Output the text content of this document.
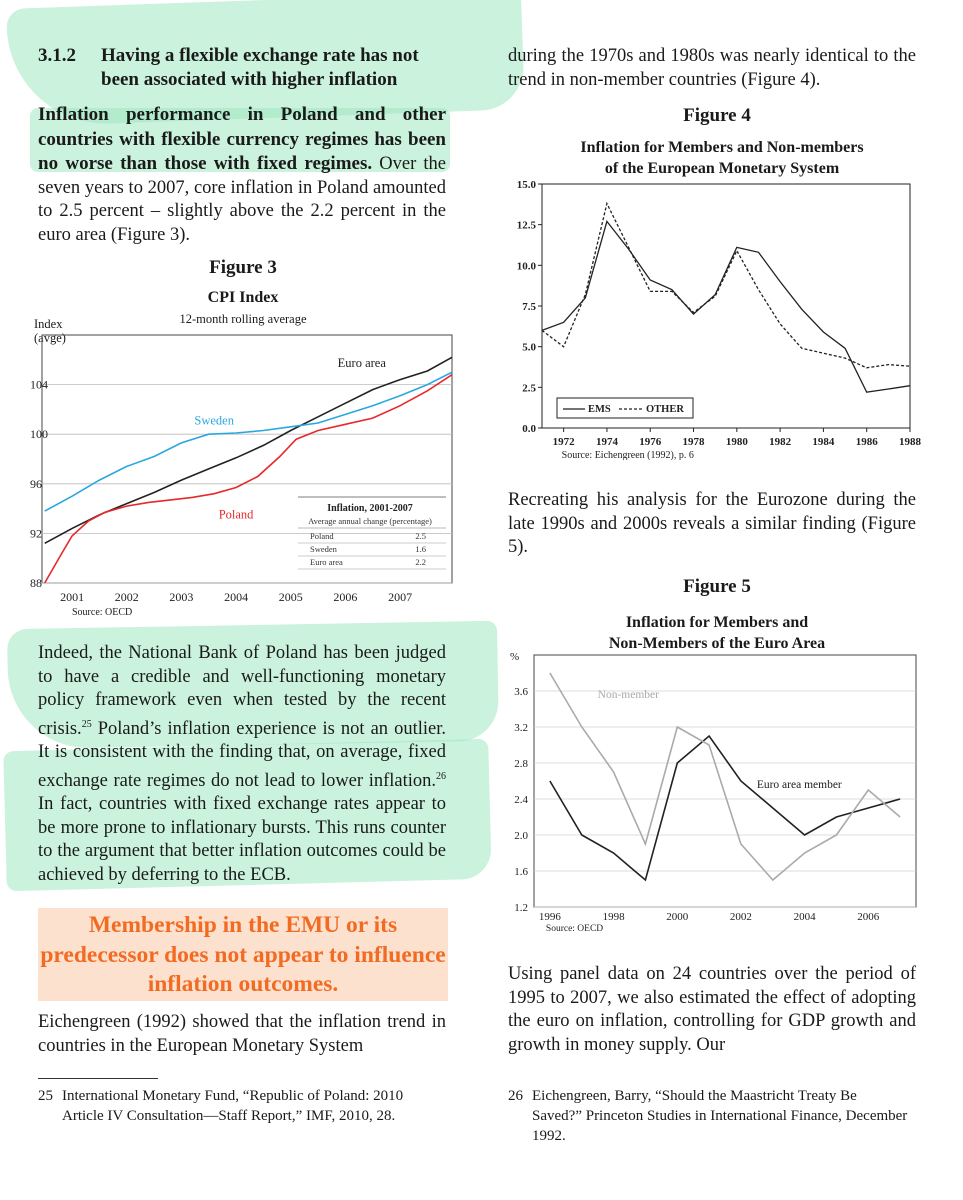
3.1.2 Having a flexible exchange rate has not been associated with higher inflation

Inflation performance in Poland and other countries with flexible currency regimes has been no worse than those with fixed regimes. Over the seven years to 2007, core inflation in Poland amounted to 2.5 percent – slightly above the 2.2 percent in the euro area (Figure 3).

Figure 3
CPI Index
12-month rolling average
Index
(avge)
88
92
96
100
104
2001	2002	2003	2004	2005	2006	2007
Euro area
Sweden
Poland	Inflation, 2001-2007
Average annual change (percentage)
Poland	2.5
Sweden	1.6
Euro area	2.2
Source: OECD

Indeed, the National Bank of Poland has been judged to have a credible and well-functioning monetary policy framework even when tested by the recent crisis.$^{25}$ Poland’s inflation experience is not an outlier. It is consistent with the finding that, on average, fixed exchange rate regimes do not lead to lower inflation.$^{26}$ In fact, countries with fixed exchange rates appear to be more prone to inflationary bursts. This runs counter to the argument that better inflation outcomes could be achieved by deferring to the ECB.

Membership in the EMU or its predecessor does not appear to influence inflation outcomes.
Eichengreen (1992) showed that the inflation trend in countries in the European Monetary System
during the 1970s and 1980s was nearly identical to the trend in non-member countries (Figure 4).
Figure 4
Inflation for Members and Non-members
of the European Monetary System
0.0
2.5
5.0
7.5
10.0
12.5
15.0
1972 1974 1976 1978 1980 1982 1984 1986 1988
EMS	OTHER
Source: Eichengreen (1992), p. 6
Recreating his analysis for the Eurozone during the late 1990s and 2000s reveals a similar finding (Figure 5).
Figure 5
Inflation for Members and
Non-Members of the Euro Area
1.2
1.6
2.0
2.4
2.8
3.2
3.6
%
1996	1998	2000	2002	2004	2006
Non-member
Euro area member
Source: OECD
Using panel data on 24 countries over the period of 1995 to 2007, we also estimated the effect of adopting the euro on inflation, controlling for GDP growth and growth in money supply. Our
25 International Monetary Fund, “Republic of Poland: 2010 Article IV Consultation—Staff Report,” IMF, 2010, 28.
26 Eichengreen, Barry, “Should the Maastricht Treaty Be Saved?” Princeton Studies in International Finance, December 1992.
